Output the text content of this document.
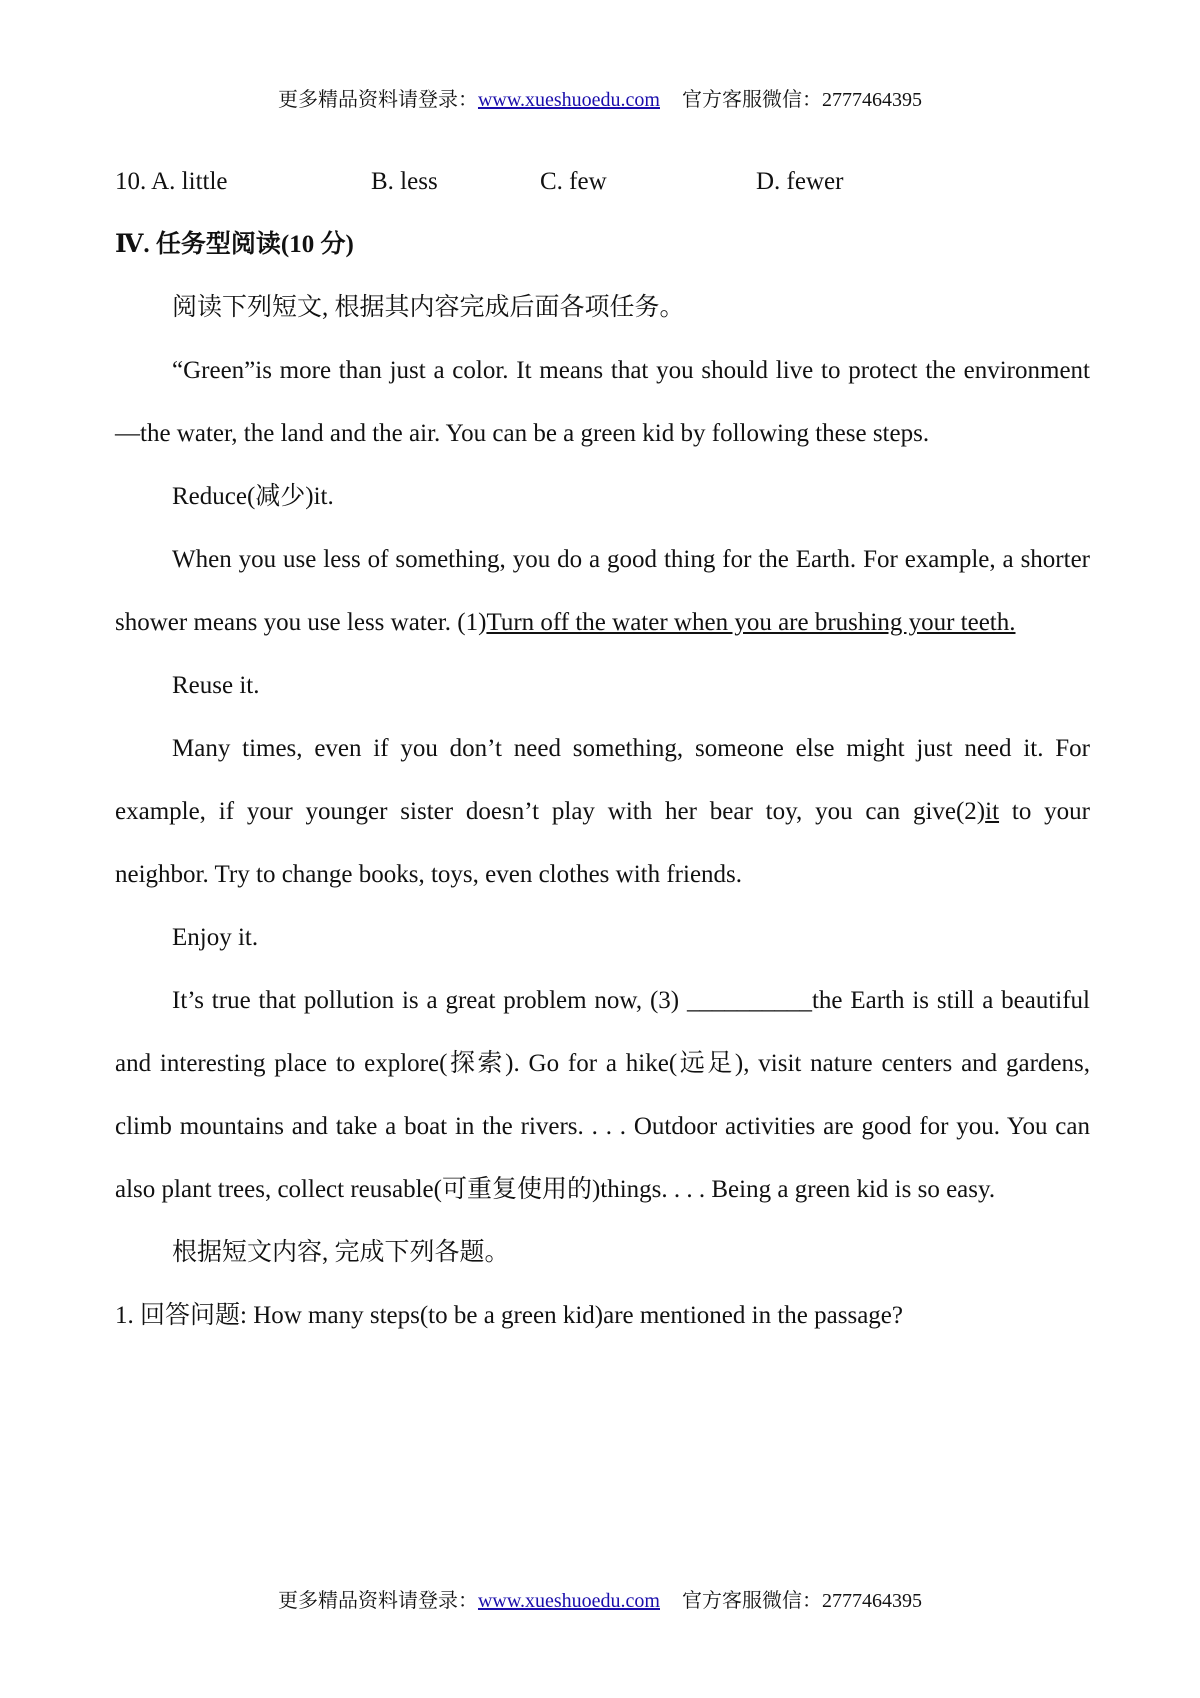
更多精品资料请登录：www.xueshuoedu.com 官方客服微信：2777464395
10. A. little	B. less	C. few	D. fewer

Ⅳ. 任务型阅读(10 分)

阅读下列短文, 根据其内容完成后面各项任务。

“Green”is more than just a color. It means that you should live to protect the environment—the water, the land and the air. You can be a green kid by following these steps.

Reduce(减少)it.

When you use less of something, you do a good thing for the Earth. For example, a shorter shower means you use less water. (1)Turn off the water when you are brushing your teeth.

Reuse it.

Many times, even if you don’t need something, someone else might just need it. For example, if your younger sister doesn’t play with her bear toy, you can give(2)it to your neighbor. Try to change books, toys, even clothes with friends.

Enjoy it.

It’s true that pollution is a great problem now, (3) __________the Earth is still a beautiful and interesting place to explore(探索). Go for a hike(远足), visit nature centers and gardens, climb mountains and take a boat in the rivers. . . . Outdoor activities are good for you. You can also plant trees, collect reusable(可重复使用的)things. . . . Being a green kid is so easy.

根据短文内容, 完成下列各题。

1. 回答问题: How many steps(to be a green kid)are mentioned in the passage?

更多精品资料请登录：www.xueshuoedu.com 官方客服微信：2777464395
